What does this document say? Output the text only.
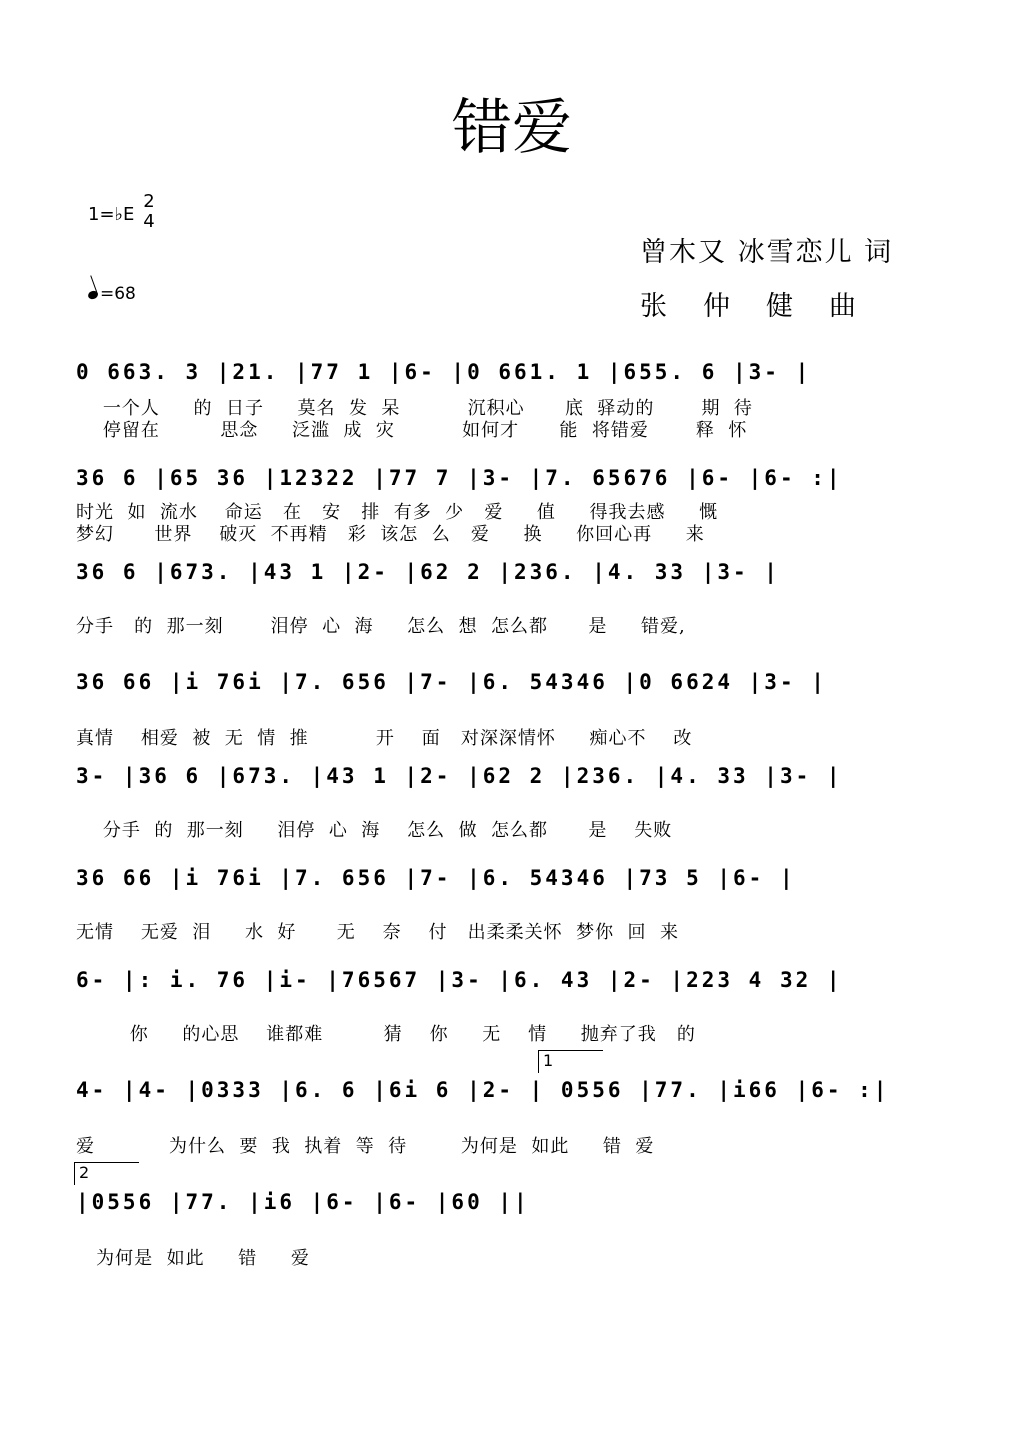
错爱
1=♭E
2
4
=68
曾木又 冰雪恋儿 词
张仲健曲
0 663. 3 |21. |77 1 |6- |0 661. 1 |655. 6 |3- |
一个人     的  日子     莫名  发  呆          沉积心      底  驿动的       期  待
停留在         思念     泛滥  成  灾          如何才      能  将错爱       释  怀
36 6 |65 36 |12322 |77 7 |3- |7. 65676 |6- |6- :|
时光  如  流水    命运   在   安   排  有多  少   爱     值     得我去感     慨
梦幻      世界    破灭  不再精   彩  该怎  么   爱     换     你回心再     来
36 6 |673. |43 1 |2- |62 2 |236. |4. 33 |3- |
分手   的  那一刻       泪停  心  海     怎么  想  怎么都      是     错爱,
36 66 |i 76i |7. 656 |7- |6. 54346 |0 6624 |3- |
真情    相爱  被  无  情  推          开    面   对深深情怀     痴心不    改
3- |36 6 |673. |43 1 |2- |62 2 |236. |4. 33 |3- |
分手  的  那一刻     泪停  心  海    怎么  做  怎么都      是    失败
36 66 |i 76i |7. 656 |7- |6. 54346 |73 5 |6- |
无情    无爱  泪     水  好      无    奈    付   出柔柔关怀  梦你  回  来
6- |: i. 76 |i- |76567 |3- |6. 43 |2- |223 4 32 |
你     的心思    谁都难         猜    你     无    情     抛弃了我   的
1
4- |4- |0333 |6. 6 |6i 6 |2- | 0556 |77. |i66 |6- :|
爱           为什么  要  我  执着  等  待        为何是  如此     错  爱
2
|0556 |77. |i6 |6- |6- |60 ||
为何是  如此     错     爱
